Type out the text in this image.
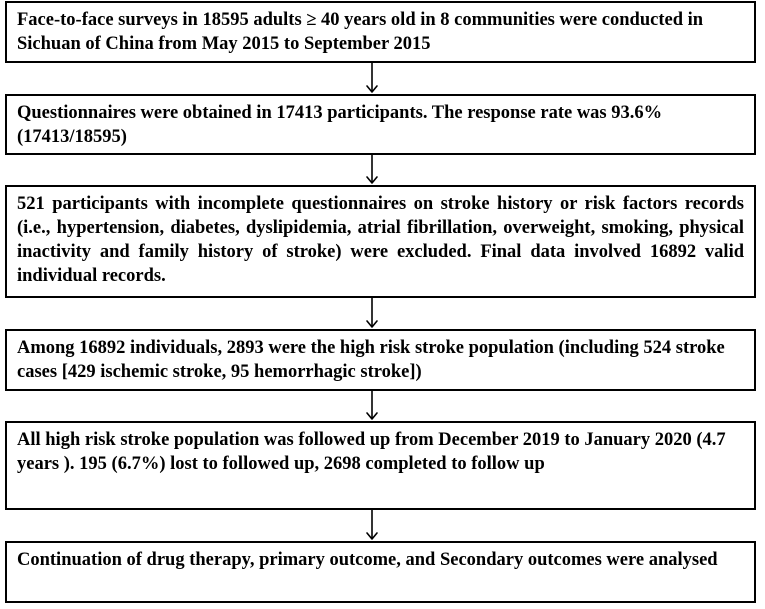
Face-to-face surveys in 18595 adults ≥ 40 years old in 8 communities were conducted in Sichuan of China from May 2015 to September 2015
Questionnaires were obtained in 17413 participants. The response rate was 93.6% (17413/18595)
521 participants with incomplete questionnaires on stroke history or risk factors records (i.e., hypertension, diabetes, dyslipidemia, atrial fibrillation, overweight, smoking, physical inactivity and family history of stroke) were excluded. Final data involved 16892 valid individual records.
Among 16892 individuals, 2893 were the high risk stroke population (including 524 stroke cases [429 ischemic stroke, 95 hemorrhagic stroke])
All high risk stroke population was followed up from December 2019 to January 2020 (4.7 years ). 195 (6.7%) lost to followed up, 2698 completed to follow up
Continuation of drug therapy, primary outcome, and Secondary outcomes were analysed
